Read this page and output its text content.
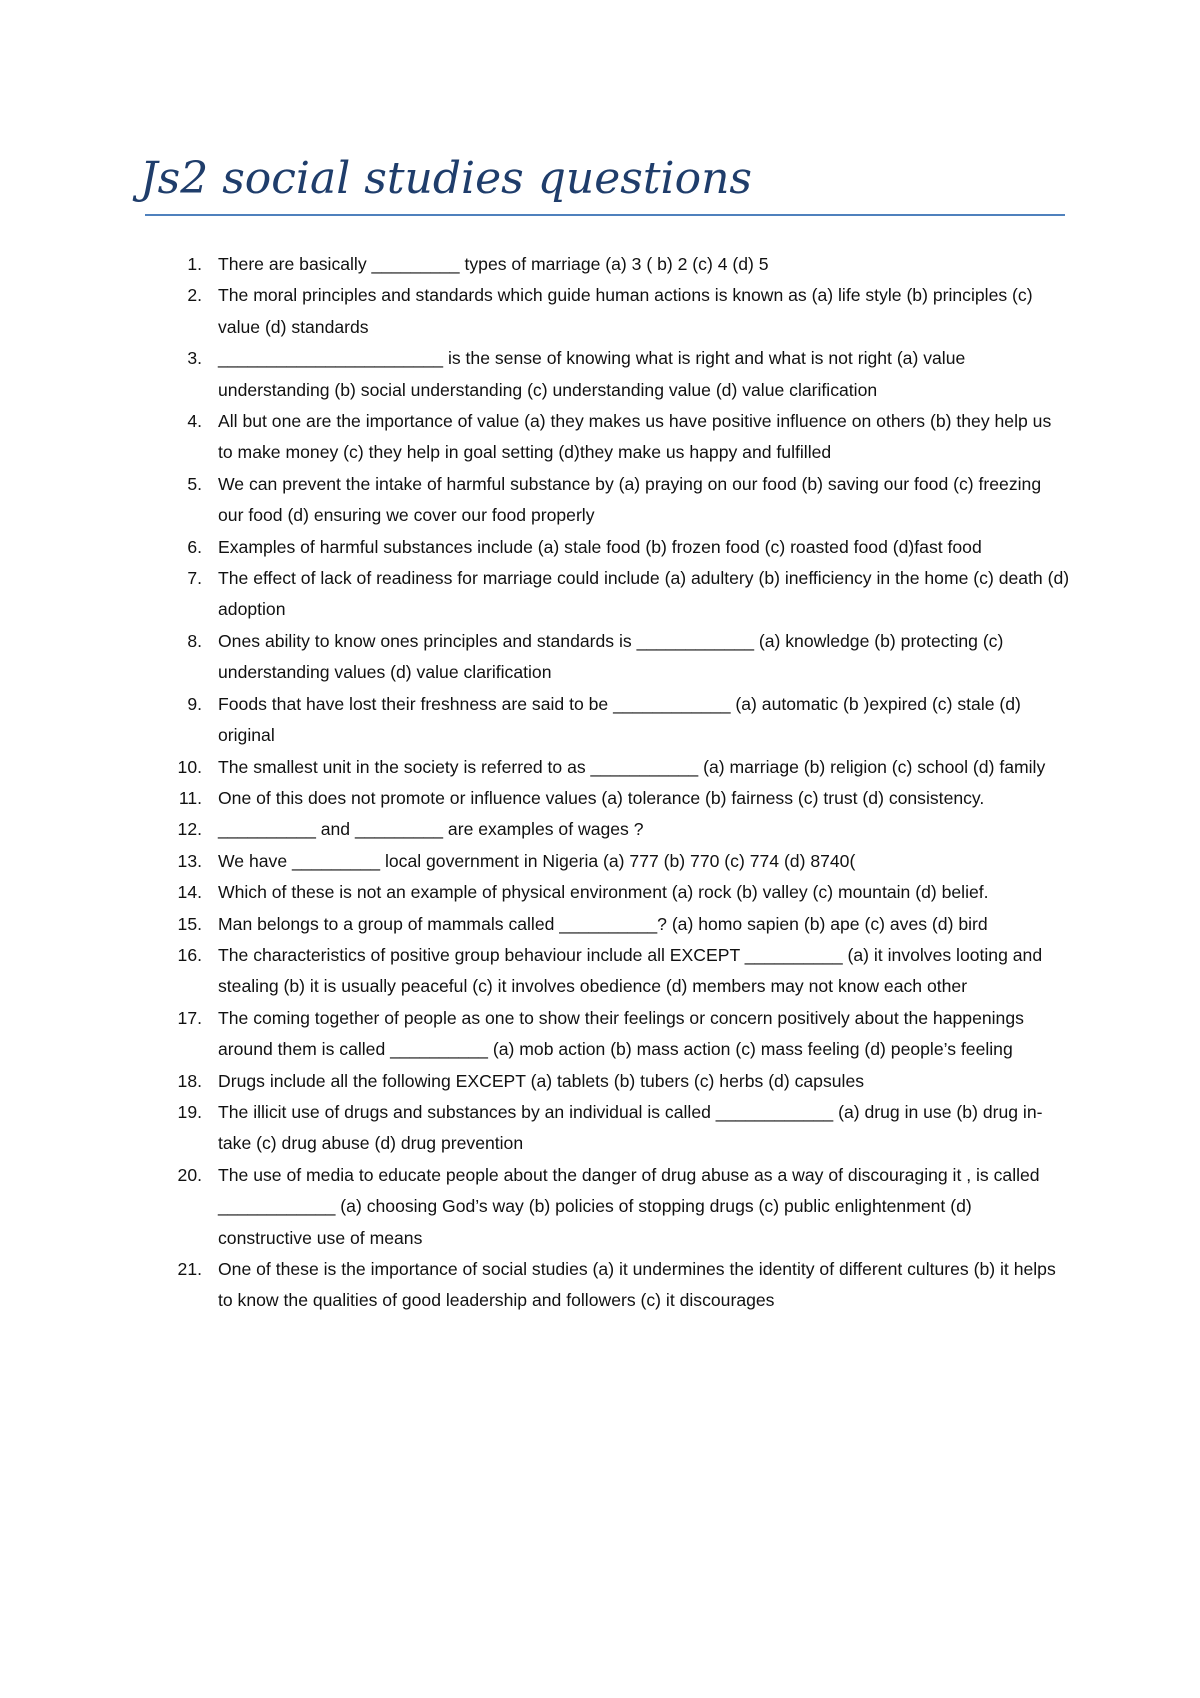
Js2 social studies questions
1. There are basically _________ types of marriage (a) 3 ( b) 2 (c) 4 (d) 5
2. The moral principles and standards which guide human actions is known as (a) life style (b) principles (c) value (d) standards
3. _______________________ is the sense of knowing what is right and what is not right (a) value understanding (b) social understanding (c) understanding value (d) value clarification
4. All but one are the importance of value (a) they makes us have positive influence on others (b) they help us to make money (c) they help in goal setting (d)they make us happy and fulfilled
5. We can prevent the intake of harmful substance by (a) praying on our food (b) saving our food (c) freezing our food (d) ensuring we cover our food properly
6. Examples of harmful substances include (a) stale food (b) frozen food (c) roasted food (d)fast food
7. The effect of lack of readiness for marriage could include (a) adultery (b) inefficiency in the home (c) death (d) adoption
8. Ones ability to know ones principles and standards is ____________ (a) knowledge (b) protecting (c) understanding values (d) value clarification
9. Foods that have lost their freshness are said to be ____________ (a) automatic (b )expired (c) stale (d) original
10. The smallest unit in the society is referred to as ___________ (a) marriage (b) religion (c) school (d) family
11. One of this does not promote or influence values (a) tolerance (b) fairness (c) trust (d) consistency.
12. __________ and _________ are examples of wages ?
13. We have _________ local government in Nigeria (a) 777 (b) 770 (c) 774 (d) 8740(
14. Which of these is not an example of physical environment (a) rock (b) valley (c) mountain (d) belief.
15. Man belongs to a group of mammals called __________? (a) homo sapien (b) ape (c) aves (d) bird
16. The characteristics of positive group behaviour include all EXCEPT __________ (a) it involves looting and stealing (b) it is usually peaceful (c) it involves obedience (d) members may not know each other
17. The coming together of people as one to show their feelings or concern positively about the happenings around them is called __________ (a) mob action (b) mass action (c) mass feeling (d) people’s feeling
18. Drugs include all the following EXCEPT (a) tablets (b) tubers (c) herbs (d) capsules
19. The illicit use of drugs and substances by an individual is called ____________ (a) drug in use (b) drug in-take (c) drug abuse (d) drug prevention
20. The use of media to educate people about the danger of drug abuse as a way of discouraging it , is called ____________ (a) choosing God’s way (b) policies of stopping drugs (c) public enlightenment (d) constructive use of means
21. One of these is the importance of social studies (a) it undermines the identity of different cultures (b) it helps to know the qualities of good leadership and followers (c) it discourages
